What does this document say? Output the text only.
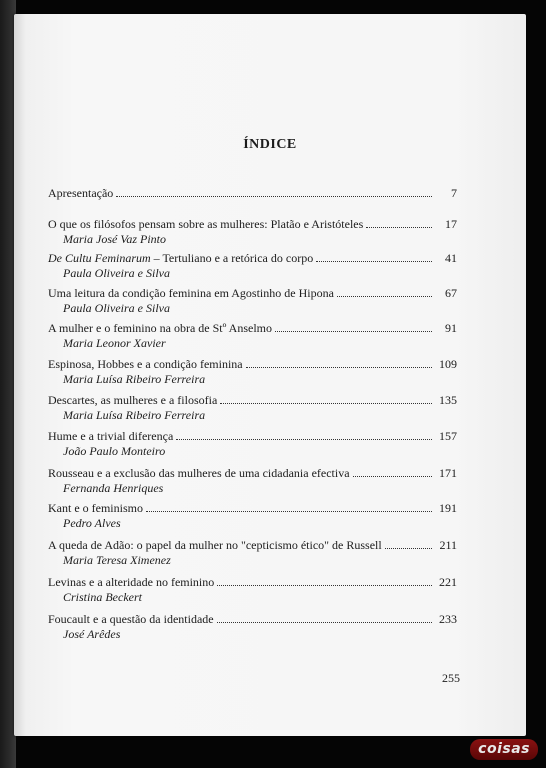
ÍNDICE
Apresentação	7
O que os filósofos pensam sobre as mulheres: Platão e Aristóteles	17
Maria José Vaz Pinto
De Cultu Feminarum – Tertuliano e a retórica do corpo	41
Paula Oliveira e Silva
Uma leitura da condição feminina em Agostinho de Hipona	67
Paula Oliveira e Silva
A mulher e o feminino na obra de Stº Anselmo	91
Maria Leonor Xavier
Espinosa, Hobbes e a condição feminina	109
Maria Luísa Ribeiro Ferreira
Descartes, as mulheres e a filosofia	135
Maria Luísa Ribeiro Ferreira
Hume e a trivial diferença	157
João Paulo Monteiro
Rousseau e a exclusão das mulheres de uma cidadania efectiva	171
Fernanda Henriques
Kant e o feminismo	191
Pedro Alves
A queda de Adão: o papel da mulher no "cepticismo ético" de Russell	211
Maria Teresa Ximenez
Levinas e a alteridade no feminino	221
Cristina Beckert
Foucault e a questão da identidade	233
José Arêdes
255
coisas
